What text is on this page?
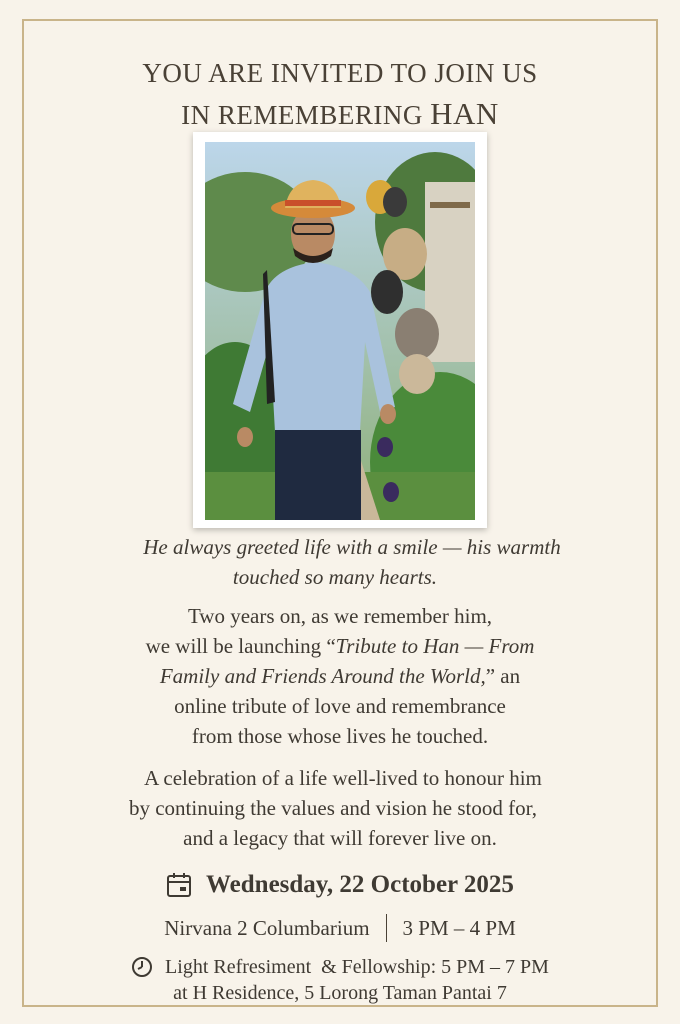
YOU ARE INVITED TO JOIN US
IN REMEMBERING HAN
He always greeted life with a smile — his warmth
touched so many hearts.
Two years on, as we remember him,
we will be launching “Tribute to Han — From
Family and Friends Around the World,” an
online tribute of love and remembrance
from those whose lives he touched.
A celebration of a life well-lived to honour him
by continuing the values and vision he stood for,
and a legacy that will forever live on.
Wednesday, 22 October 2025
Nirvana 2 Columbarium 3 PM – 4 PM
Light Refresiment  & Fellowship: 5 PM – 7 PM
at H Residence, 5 Lorong Taman Pantai 7
